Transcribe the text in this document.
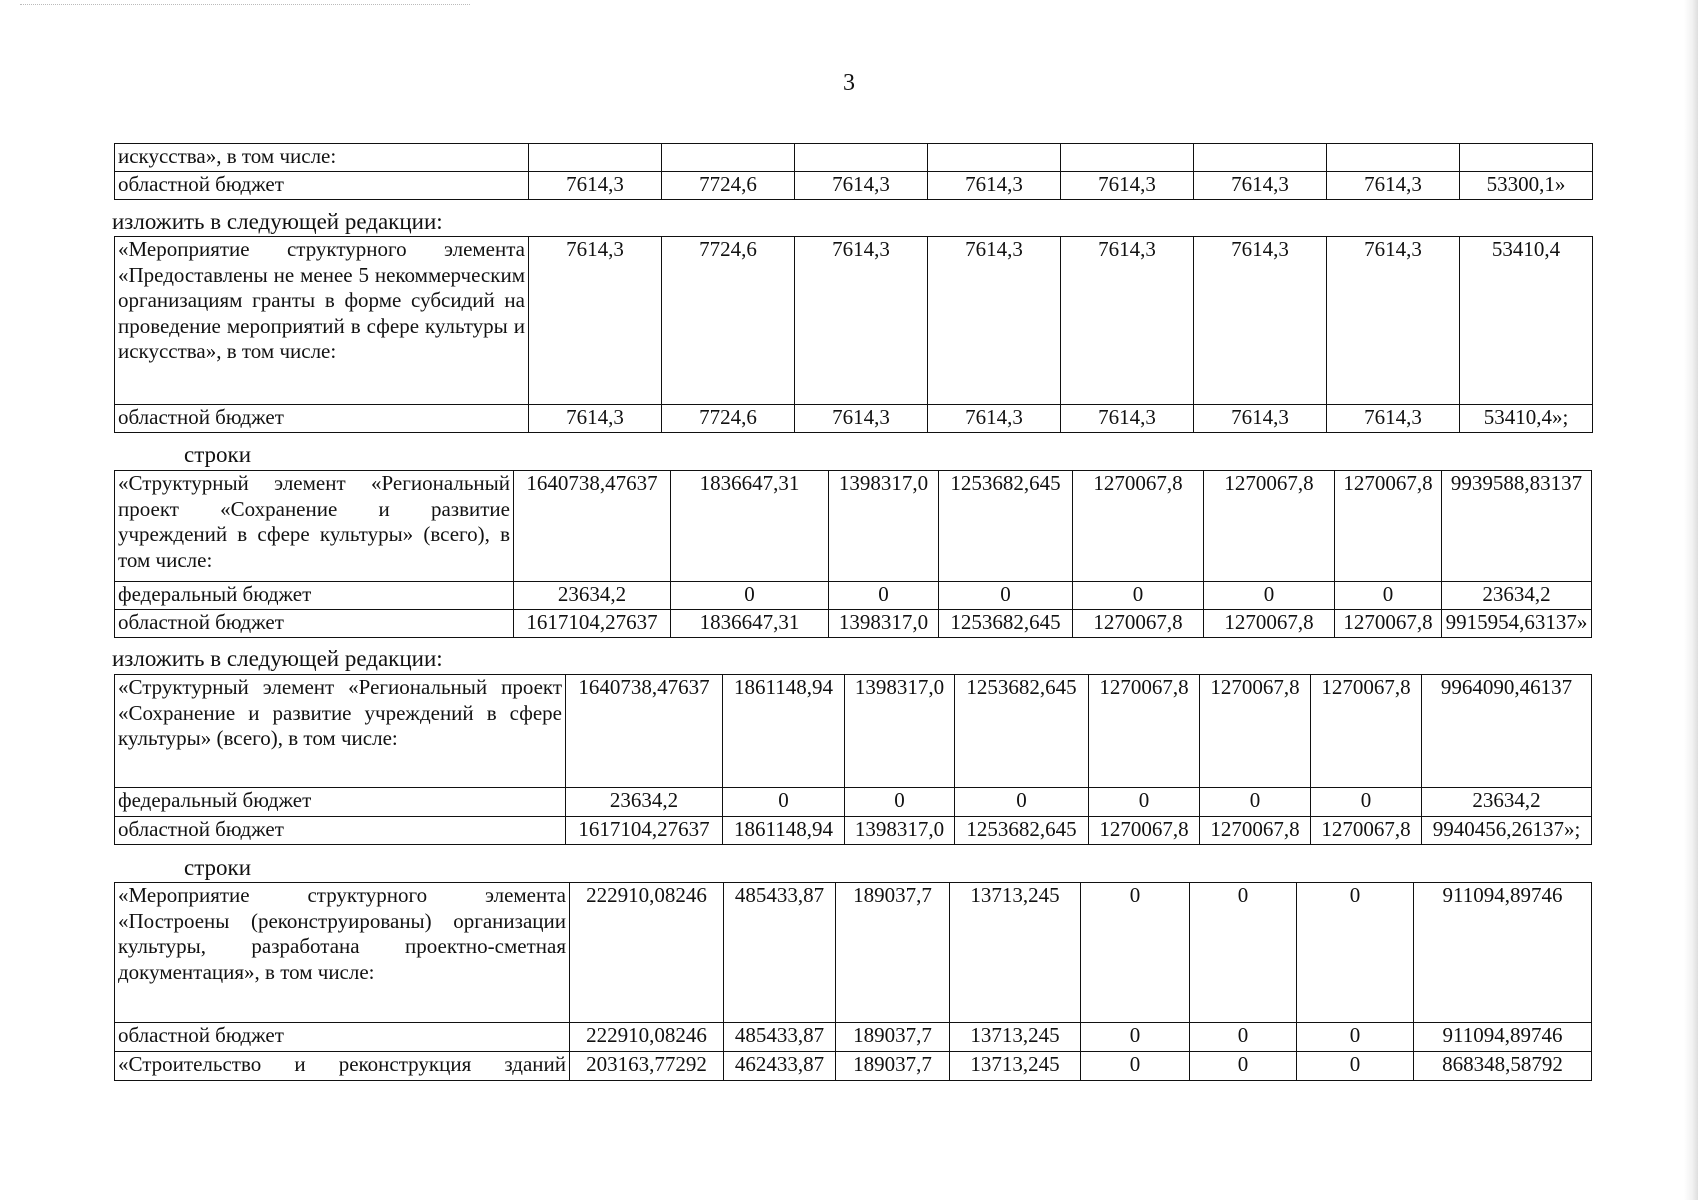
3
искусства», в том числе:								
областной бюджет	7614,3	7724,6	7614,3	7614,3	7614,3	7614,3	7614,3	53300,1»
изложить в следующей редакции:
«Мероприятие структурного элемента «Предоставлены не менее 5 некоммерческим организациям гранты в форме субсидий на проведение мероприятий в сфере культуры и искусства», в том числе:	7614,3	7724,6	7614,3	7614,3	7614,3	7614,3	7614,3	53410,4
областной бюджет	7614,3	7724,6	7614,3	7614,3	7614,3	7614,3	7614,3	53410,4»;
строки
«Структурный элемент «Региональный проект «Сохранение и развитие учреждений в сфере культуры» (всего), в том числе:	1640738,47637	1836647,31	1398317,0	1253682,645	1270067,8	1270067,8	1270067,8	9939588,83137
федеральный бюджет	23634,2	0	0	0	0	0	0	23634,2
областной бюджет	1617104,27637	1836647,31	1398317,0	1253682,645	1270067,8	1270067,8	1270067,8	9915954,63137»
изложить в следующей редакции:
«Структурный элемент «Региональный проект «Сохранение и развитие учреждений в сфере культуры» (всего), в том числе:	1640738,47637	1861148,94	1398317,0	1253682,645	1270067,8	1270067,8	1270067,8	9964090,46137
федеральный бюджет	23634,2	0	0	0	0	0	0	23634,2
областной бюджет	1617104,27637	1861148,94	1398317,0	1253682,645	1270067,8	1270067,8	1270067,8	9940456,26137»;
строки
«Мероприятие структурного элемента «Построены (реконструированы) организации культуры, разработана проектно-сметная документация», в том числе:	222910,08246	485433,87	189037,7	13713,245	0	0	0	911094,89746
областной бюджет	222910,08246	485433,87	189037,7	13713,245	0	0	0	911094,89746
«Строительство и реконструкция зданий	203163,77292	462433,87	189037,7	13713,245	0	0	0	868348,58792
